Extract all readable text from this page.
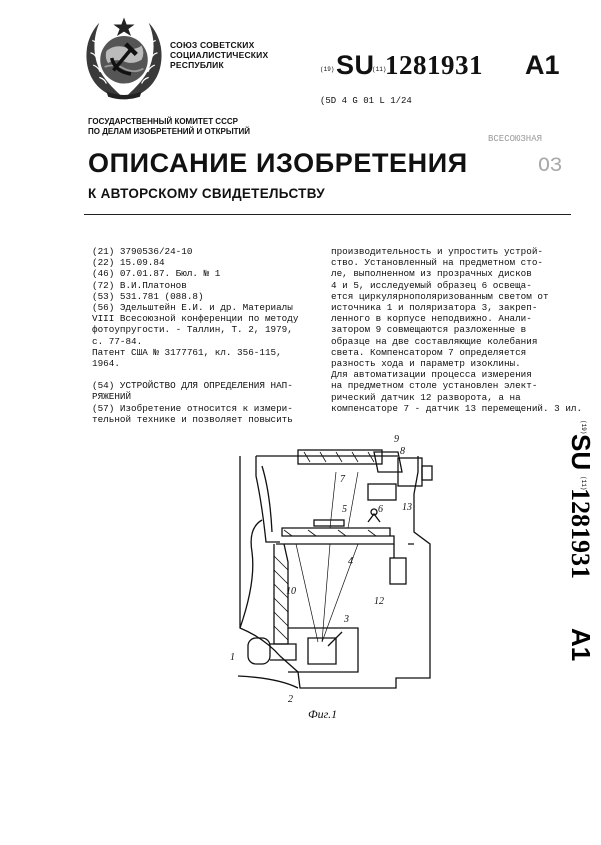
СОЮЗ СОВЕТСКИХ
СОЦИАЛИСТИЧЕСКИХ
РЕСПУБЛИК	(19) SU
(11)
1281931 A1
(5D 4 G 01 L 1/24
ГОСУДАРСТВЕННЫЙ КОМИТЕТ СССР
ПО ДЕЛАМ ИЗОБРЕТЕНИЙ И ОТКРЫТИЙ
ВСЕСОЮЗНАЯ
ОЗ
ОПИСАНИЕ ИЗОБРЕТЕНИЯ
К АВТОРСКОМУ СВИДЕТЕЛЬСТВУ
(21) 3790536/24-10
(22) 15.09.84
(46) 07.01.87. Бюл. № 1
(72) В.И.Платонов
(53) 531.781 (088.8)
(56) Эдельштейн Е.И. и др. Материалы
VIII Всесоюзной конференции по методу
фотоупругости. - Таллин, Т. 2, 1979,
с. 77-84.
Патент США № 3177761, кл. 356-115,
1964.
(54) УСТРОЙСТВО ДЛЯ ОПРЕДЕЛЕНИЯ НАП-
РЯЖЕНИЙ
(57) Изобретение относится к измери-
тельной технике и позволяет повысить
производительность и упростить устрой-
ство. Установленный на предметном сто-
ле, выполненном из прозрачных дисков
4 и 5, исследуемый образец 6 освеща-
ется циркулярнополяризованным светом от
источника 1 и поляризатора 3, закреп-
ленного в корпусе неподвижно. Анали-
затором 9 совмещаются разложенные в
образце на две составляющие колебания
света. Компенсатором 7 определяется
разность хода и параметр изоклины.
Для автоматизации процесса измерения
на предметном столе установлен элект-
рический датчик 12 разворота, а на
компенсаторе 7 - датчик 13 перемещений. 3 ил.
(19)
SU
(11)
1281931
A1
1
2
3
4
5	6
7
8
9
10
12
13
Фиг.1
